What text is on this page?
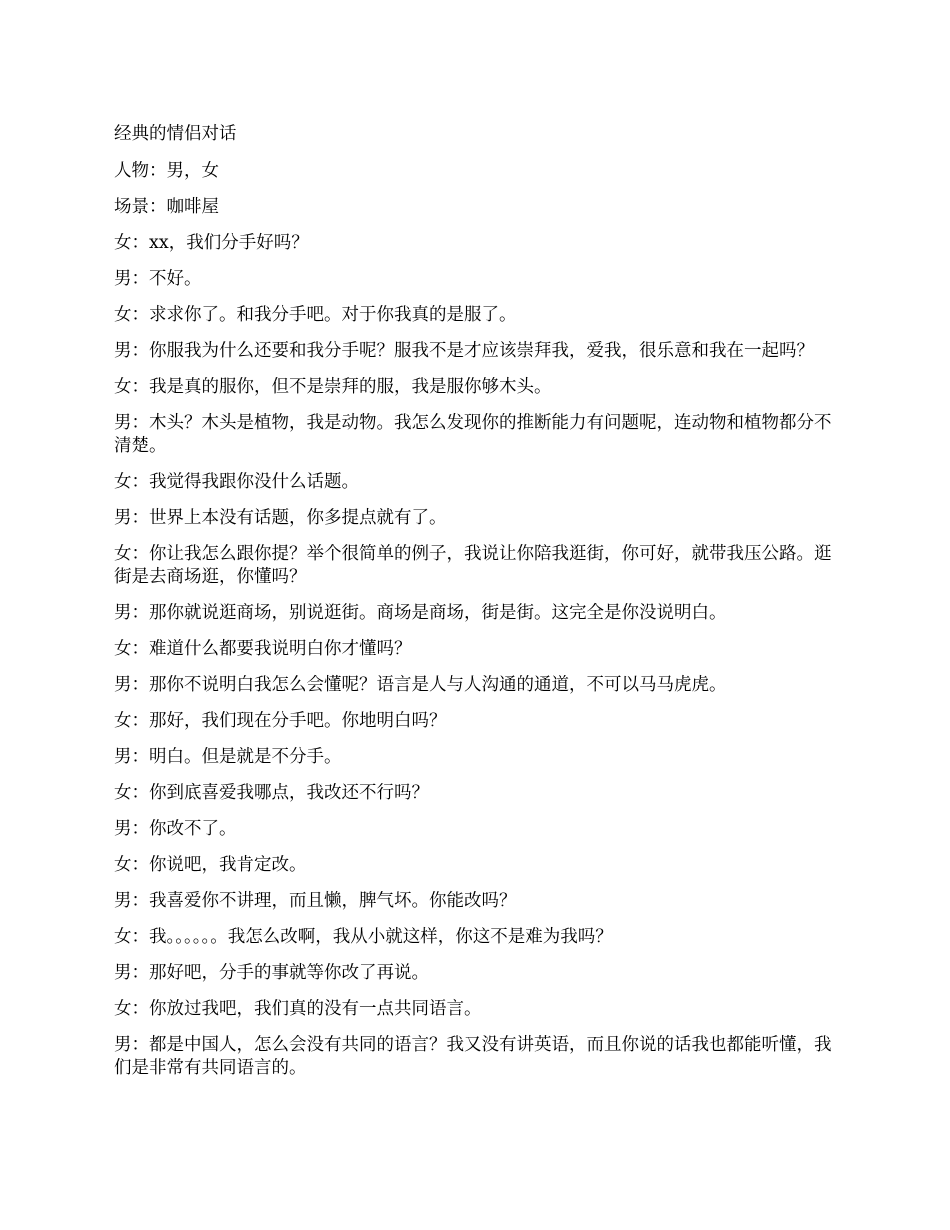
经典的情侣对话

人物：男，女

场景：咖啡屋

女：xx，我们分手好吗？

男：不好。

女：求求你了。和我分手吧。对于你我真的是服了。

男：你服我为什么还要和我分手呢？服我不是才应该崇拜我，爱我，很乐意和我在一起吗？

女：我是真的服你，但不是崇拜的服，我是服你够木头。

男：木头？木头是植物，我是动物。我怎么发现你的推断能力有问题呢，连动物和植物都分不清楚。

女：我觉得我跟你没什么话题。

男：世界上本没有话题，你多提点就有了。

女：你让我怎么跟你提？举个很简单的例子，我说让你陪我逛街，你可好，就带我压公路。逛街是去商场逛，你懂吗？

男：那你就说逛商场，别说逛街。商场是商场，街是街。这完全是你没说明白。

女：难道什么都要我说明白你才懂吗？

男：那你不说明白我怎么会懂呢？语言是人与人沟通的通道，不可以马马虎虎。

女：那好，我们现在分手吧。你地明白吗？

男：明白。但是就是不分手。

女：你到底喜爱我哪点，我改还不行吗？

男：你改不了。

女：你说吧，我肯定改。

男：我喜爱你不讲理，而且懒，脾气坏。你能改吗？

女：我。。。。。。我怎么改啊，我从小就这样，你这不是难为我吗？

男：那好吧，分手的事就等你改了再说。

女：你放过我吧，我们真的没有一点共同语言。

男：都是中国人，怎么会没有共同的语言？我又没有讲英语，而且你说的话我也都能听懂，我们是非常有共同语言的。
